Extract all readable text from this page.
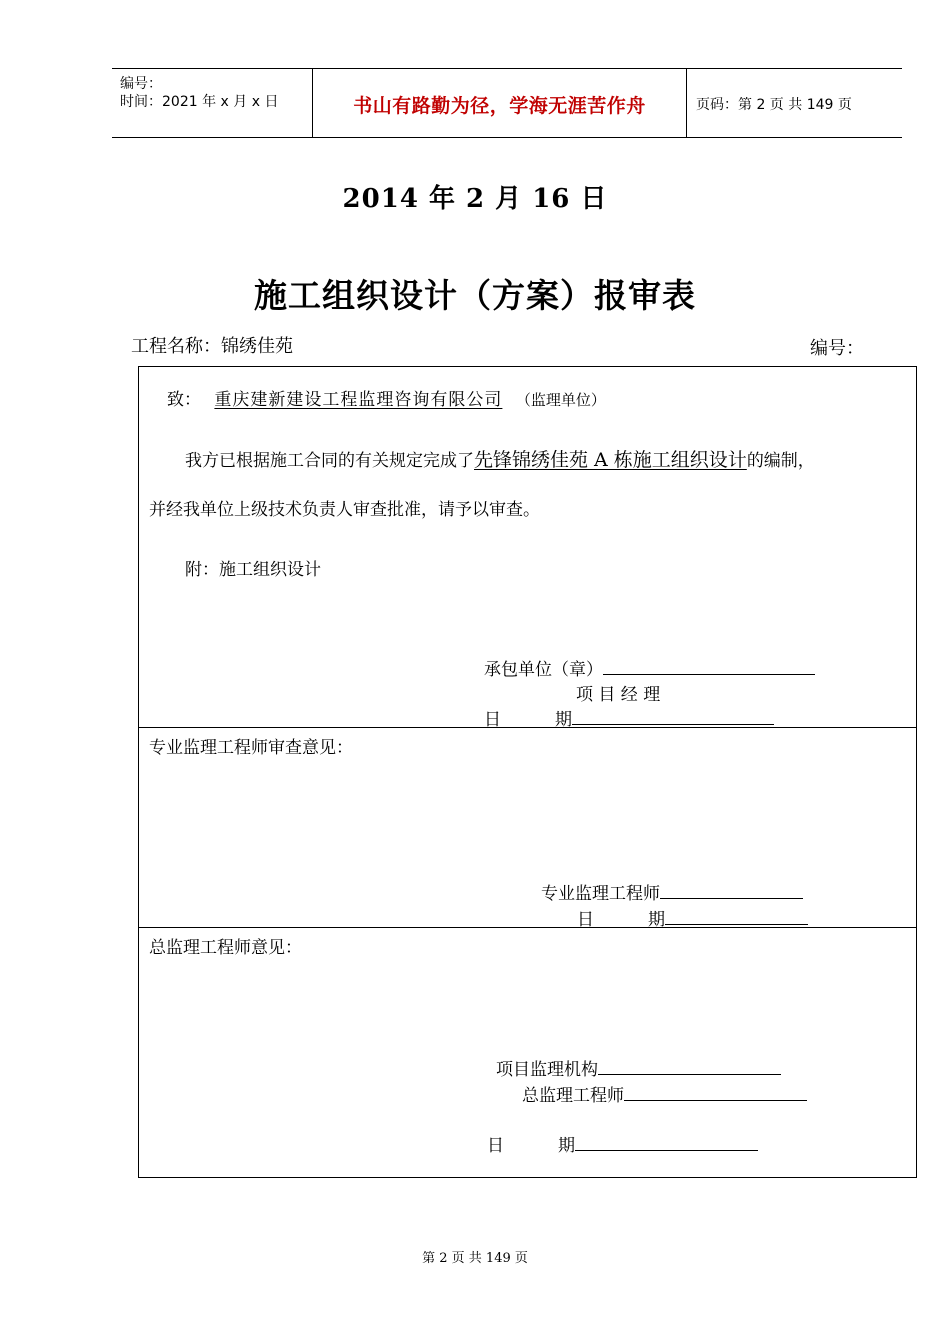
编号：
时间：2021 年 x 月 x 日	书山有路勤为径，学海无涯苦作舟	页码：第 2 页 共 149 页
2014 年 2 月 16 日
施工组织设计（方案）报审表
工程名称：锦绣佳苑	编号：
致： 重庆建新建设工程监理咨询有限公司 （监理单位）
我方已根据施工合同的有关规定完成了先锋锦绣佳苑 A 栋施工组织设计的编制，
并经我单位上级技术负责人审查批准，请予以审查。
附：施工组织设计
承包单位（章）
项 目 经 理
日          期
专业监理工程师审查意见：
专业监理工程师
日          期
总监理工程师意见：
项目监理机构
总监理工程师
日          期
第 2 页 共 149 页
